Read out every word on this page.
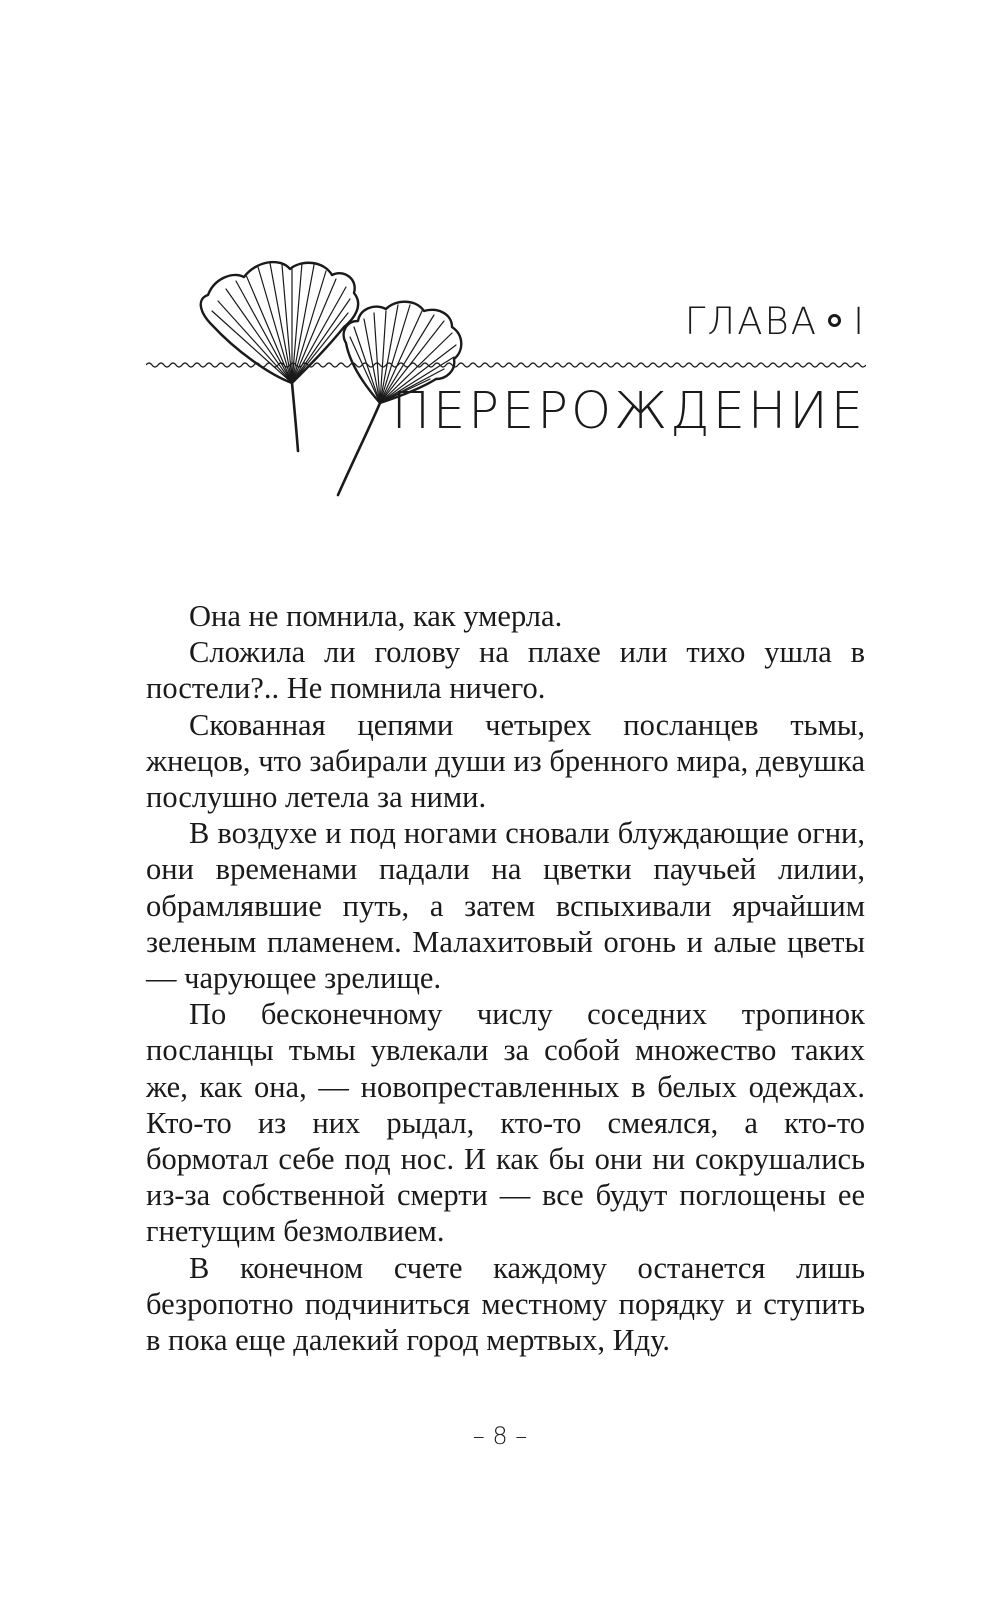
ГЛАВА I
ПЕРЕРОЖДЕНИЕ

Она не помнила, как умерла.

Сложила ли голову на плахе или тихо ушла в постели?.. Не помнила ничего.

Скованная цепями четырех посланцев тьмы, жнецов, что забирали души из бренного мира, девушка послушно летела за ними.

В воздухе и под ногами сновали блуждающие огни, они временами падали на цветки паучьей лилии, обрамлявшие путь, а затем вспыхивали ярчайшим зеленым пламенем. Малахитовый огонь и алые цветы — чарующее зрелище.

По бесконечному числу соседних тропинок посланцы тьмы увлекали за собой множество таких же, как она, — новопреставленных в белых одеждах. Кто-то из них рыдал, кто-то смеялся, а кто-то бормотал себе под нос. И как бы они ни сокрушались из-за собственной смерти — все будут поглощены ее гнетущим безмолвием.

В конечном счете каждому останется лишь безропотно подчиниться местному порядку и ступить в пока еще далекий город мертвых, Иду.

– 8 –
